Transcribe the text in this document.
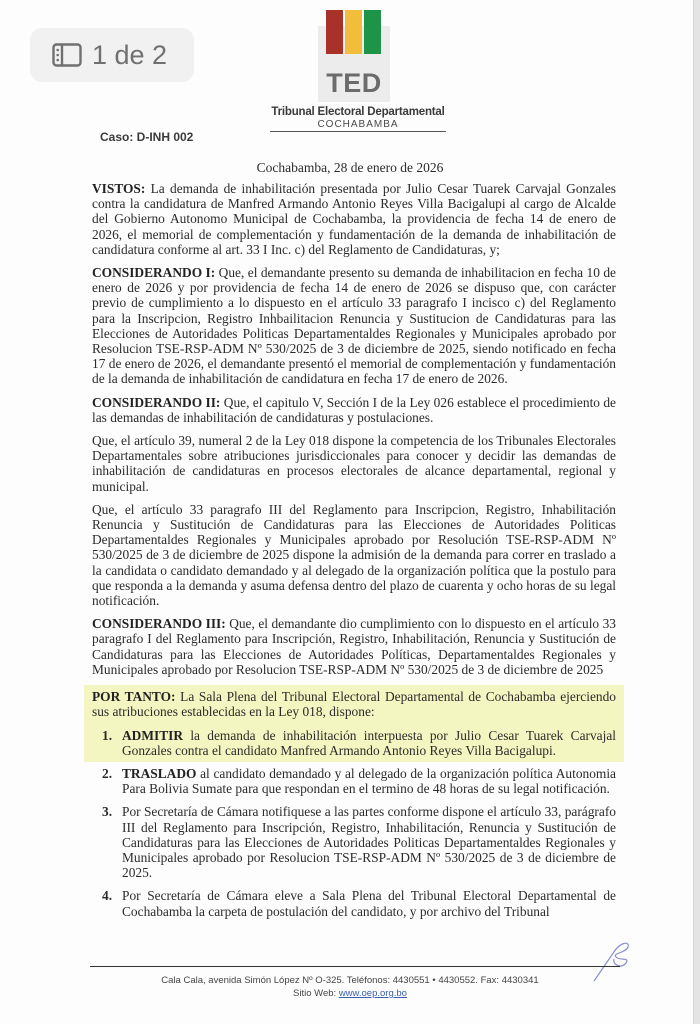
1 de 2
TED
Tribunal Electoral Departamental
COCHABAMBA
Caso: D-INH 002
Cochabamba, 28 de enero de 2026

VISTOS: La demanda de inhabilitación presentada por Julio Cesar Tuarek Carvajal Gonzales contra la candidatura de Manfred Armando Antonio Reyes Villa Bacigalupi al cargo de Alcalde del Gobierno Autonomo Municipal de Cochabamba, la providencia de fecha 14 de enero de 2026, el memorial de complementación y fundamentación de la demanda de inhabilitación de candidatura conforme al art. 33 I Inc. c) del Reglamento de Candidaturas, y;

CONSIDERANDO I: Que, el demandante presento su demanda de inhabilitacion en fecha 10 de enero de 2026 y por providencia de fecha 14 de enero de 2026 se dispuso que, con carácter previo de cumplimiento a lo dispuesto en el artículo 33 paragrafo I incisco c) del Reglamento para la Inscripcion, Registro Inhbailitacion Renuncia y Sustitucion de Candidaturas para las Elecciones de Autoridades Politicas Departamentaldes Regionales y Municipales aprobado por Resolucion TSE-RSP-ADM Nº 530/2025 de 3 de diciembre de 2025, siendo notificado en fecha 17 de enero de 2026, el demandante presentó el memorial de complementación y fundamentación de la demanda de inhabilitación de candidatura en fecha 17 de enero de 2026.

CONSIDERANDO II: Que, el capitulo V, Sección I de la Ley 026 establece el procedimiento de las demandas de inhabilitación de candidaturas y postulaciones.

Que, el artículo 39, numeral 2 de la Ley 018 dispone la competencia de los Tribunales Electorales Departamentales sobre atribuciones jurisdiccionales para conocer y decidir las demandas de inhabilitación de candidaturas en procesos electorales de alcance departamental, regional y municipal.

Que, el artículo 33 paragrafo III del Reglamento para Inscripcion, Registro, Inhabilitación Renuncia y Sustitución de Candidaturas para las Elecciones de Autoridades Politicas Departamentaldes Regionales y Municipales aprobado por Resolución TSE-RSP-ADM Nº 530/2025 de 3 de diciembre de 2025 dispone la admisión de la demanda para correr en traslado a la candidata o candidato demandado y al delegado de la organización política que la postulo para que responda a la demanda y asuma defensa dentro del plazo de cuarenta y ocho horas de su legal notificación.

CONSIDERANDO III: Que, el demandante dio cumplimiento con lo dispuesto en el artículo 33 paragrafo I del Reglamento para Inscripción, Registro, Inhabilitación, Renuncia y Sustitución de Candidaturas para las Elecciones de Autoridades Políticas, Departamentaldes Regionales y Municipales aprobado por Resolucion TSE-RSP-ADM Nº 530/2025 de 3 de diciembre de 2025

POR TANTO: La Sala Plena del Tribunal Electoral Departamental de Cochabamba ejerciendo sus atribuciones establecidas en la Ley 018, dispone:

1. ADMITIR la demanda de inhabilitación interpuesta por Julio Cesar Tuarek Carvajal Gonzales contra el candidato Manfred Armando Antonio Reyes Villa Bacigalupi.
2. TRASLADO al candidato demandado y al delegado de la organización política Autonomia Para Bolivia Sumate para que respondan en el termino de 48 horas de su legal notificación.
3. Por Secretaría de Cámara notifiquese a las partes conforme dispone el artículo 33, parágrafo III del Reglamento para Inscripción, Registro, Inhabilitación, Renuncia y Sustitución de Candidaturas para las Elecciones de Autoridades Politicas Departamentaldes Regionales y Municipales aprobado por Resolucion TSE-RSP-ADM Nº 530/2025 de 3 de diciembre de 2025.
4. Por Secretaría de Cámara eleve a Sala Plena del Tribunal Electoral Departamental de Cochabamba la carpeta de postulación del candidato, y por archivo del Tribunal
Cala Cala, avenida Simón López Nº O-325. Teléfonos: 4430551 • 4430552. Fax: 4430341
Sitio Web: www.oep.org.bo
